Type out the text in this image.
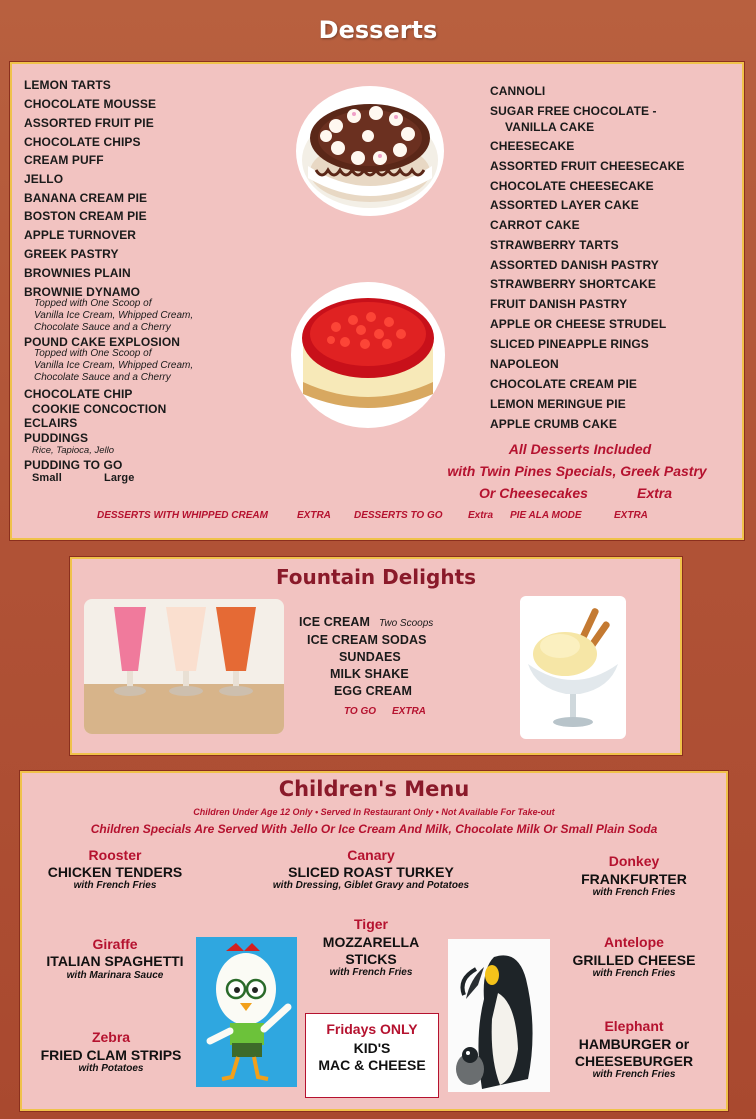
Desserts
LEMON TARTS
CHOCOLATE MOUSSE
ASSORTED FRUIT PIE
CHOCOLATE CHIPS
CREAM PUFF
JELLO
BANANA CREAM PIE
BOSTON CREAM PIE
APPLE TURNOVER
GREEK PASTRY
BROWNIES PLAIN
BROWNIE DYNAMO
Topped with One Scoop of
Vanilla Ice Cream, Whipped Cream,
Chocolate Sauce and a Cherry
POUND CAKE EXPLOSION
Topped with One Scoop of
Vanilla Ice Cream, Whipped Cream,
Chocolate Sauce and a Cherry
CHOCOLATE CHIP
COOKIE CONCOCTION
ECLAIRS
PUDDINGS
Rice, Tapioca, Jello
PUDDING TO GO
Small	Large
CANNOLI
SUGAR FREE CHOCOLATE -
VANILLA CAKE
CHEESECAKE
ASSORTED FRUIT CHEESECAKE
CHOCOLATE CHEESECAKE
ASSORTED LAYER CAKE
CARROT CAKE
STRAWBERRY TARTS
ASSORTED DANISH PASTRY
STRAWBERRY SHORTCAKE
FRUIT DANISH PASTRY
APPLE OR CHEESE STRUDEL
SLICED PINEAPPLE RINGS
NAPOLEON
CHOCOLATE CREAM PIE
LEMON MERINGUE PIE
APPLE CRUMB CAKE
All Desserts Included
with Twin Pines Specials, Greek Pastry
Or Cheesecakes	Extra
DESSERTS WITH WHIPPED CREAM	EXTRA DESSERTS TO GO	Extra PIE ALA MODE	EXTRA
Fountain Delights
ICE CREAM Two Scoops
ICE CREAM SODAS
SUNDAES
MILK SHAKE
EGG CREAM
TO GO EXTRA
Children's Menu
Children Under Age 12 Only • Served In Restaurant Only • Not Available For Take-out
Children Specials Are Served With Jello Or Ice Cream And Milk, Chocolate Milk Or Small Plain Soda
Rooster
CHICKEN TENDERS
with French Fries
Canary
SLICED ROAST TURKEY
with Dressing, Giblet Gravy and Potatoes
Donkey
FRANKFURTER
with French Fries
Giraffe
ITALIAN SPAGHETTI
with Marinara Sauce
Tiger
MOZZARELLA
STICKS
with French Fries
Antelope
GRILLED CHEESE
with French Fries
Zebra
FRIED CLAM STRIPS
with Potatoes
Fridays ONLY
KID'S
MAC & CHEESE
Elephant
HAMBURGER or
CHEESEBURGER
with French Fries
